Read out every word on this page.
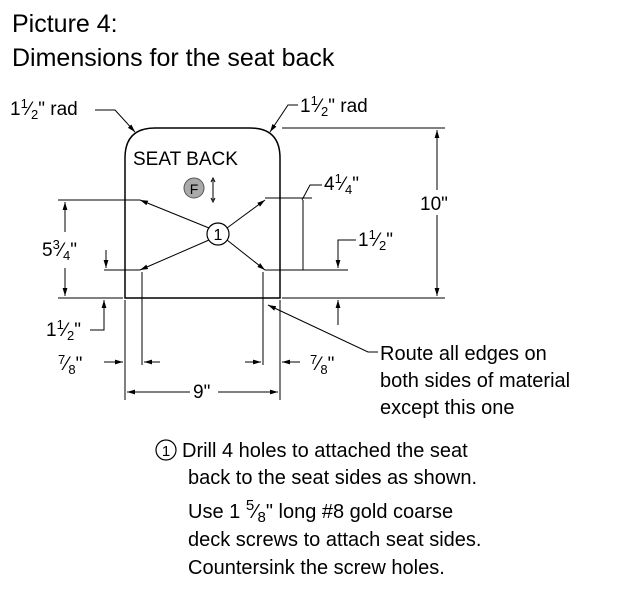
Picture 4:
Dimensions for the seat back
SEAT BACK
F
1
$1^1⁄_2$" rad	$1^1⁄_2$" rad
10"
$4^1⁄_4$"
$1^1⁄_2$"
$5^3⁄_4$"
$1^1⁄_2$"
$^7⁄_8$"	$^7⁄_8$"
9"
Route all edges on
both sides of material
except this one
1 Drill 4 holes to attached the seat
back to the seat sides as shown.
Use 1 $^5⁄_8$" long #8 gold coarse
deck screws to attach seat sides.
Countersink the screw holes.
